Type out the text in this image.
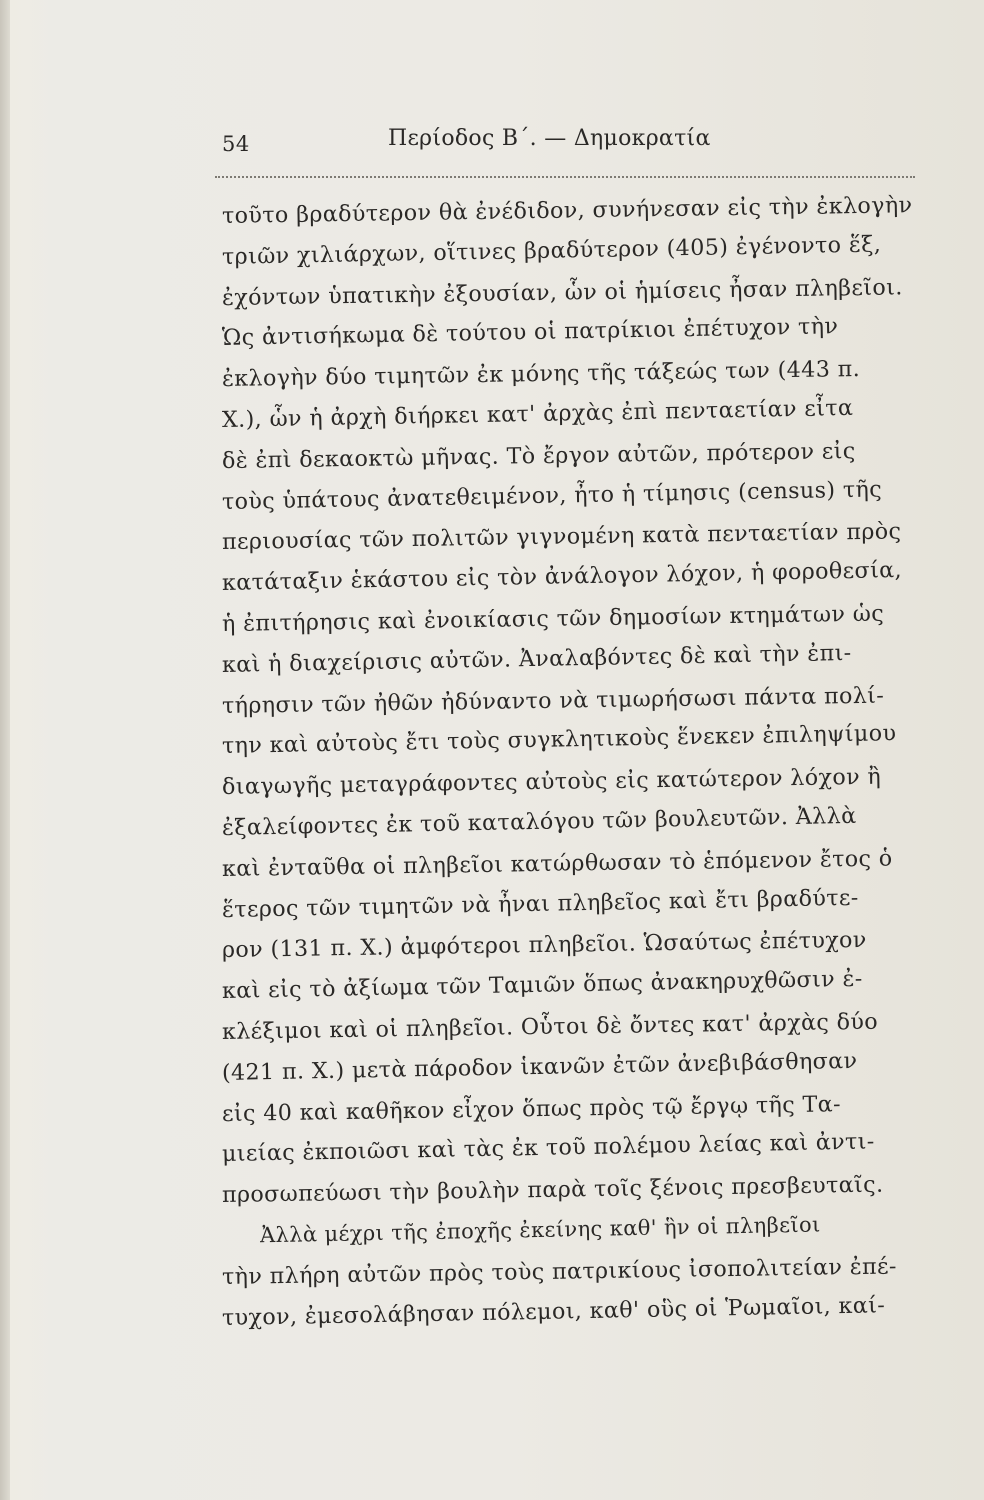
54	Περίοδος Β΄. — Δημοκρατία
τοῦτο βραδύτερον θὰ ἐνέδιδον, συνήνεσαν εἰς τὴν ἐκλογὴν
τριῶν χιλιάρχων, οἵτινες βραδύτερον (405) ἐγένοντο ἕξ,
ἐχόντων ὑπατικὴν ἐξουσίαν, ὧν οἱ ἡμίσεις ἦσαν πληβεῖοι.
Ὡς ἀντισήκωμα δὲ τούτου οἱ πατρίκιοι ἐπέτυχον τὴν
ἐκλογὴν δύο τιμητῶν ἐκ μόνης τῆς τάξεώς των (443 π.
Χ.), ὧν ἡ ἀρχὴ διήρκει κατ' ἀρχὰς ἐπὶ πενταετίαν εἶτα
δὲ ἐπὶ δεκαοκτὼ μῆνας. Τὸ ἔργον αὐτῶν, πρότερον εἰς
τοὺς ὑπάτους ἀνατεθειμένον, ἦτο ἡ τίμησις (census) τῆς
περιουσίας τῶν πολιτῶν γιγνομένη κατὰ πενταετίαν πρὸς
κατάταξιν ἑκάστου εἰς τὸν ἀνάλογον λόχον, ἡ φορoθεσία,
ἡ ἐπιτήρησις καὶ ἐνοικίασις τῶν δημοσίων κτημάτων ὡς
καὶ ἡ διαχείρισις αὐτῶν. Ἀναλαβόντες δὲ καὶ τὴν ἐπι-
τήρησιν τῶν ἠθῶν ἠδύναντο νὰ τιμωρήσωσι πάντα πολί-
την καὶ αὐτοὺς ἔτι τοὺς συγκλητικοὺς ἕνεκεν ἐπιληψίμου
διαγωγῆς μεταγράφοντες αὐτοὺς εἰς κατώτερον λόχον ἢ
ἐξαλείφοντες ἐκ τοῦ καταλόγου τῶν βουλευτῶν. Ἀλλὰ
καὶ ἐνταῦθα οἱ πληβεῖοι κατώρθωσαν τὸ ἑπόμενον ἔτος ὁ
ἕτερος τῶν τιμητῶν νὰ ἦναι πληβεῖος καὶ ἔτι βραδύτε-
ρον (131 π. Χ.) ἀμφότεροι πληβεῖοι. Ὡσαύτως ἐπέτυχον
καὶ εἰς τὸ ἀξίωμα τῶν Ταμιῶν ὅπως ἀνακηρυχθῶσιν ἐ-
κλέξιμοι καὶ οἱ πληβεῖοι. Οὗτοι δὲ ὄντες κατ' ἀρχὰς δύο
(421 π. Χ.) μετὰ πάροδον ἱκανῶν ἐτῶν ἀνεβιβάσθησαν
εἰς 40 καὶ καθῆκον εἶχον ὅπως πρὸς τῷ ἔργῳ τῆς Τα-
μιείας ἐκποιῶσι καὶ τὰς ἐκ τοῦ πολέμου λείας καὶ ἀντι-
προσωπεύωσι τὴν βουλὴν παρὰ τοῖς ξένοις πρεσβευταῖς.
Ἀλλὰ μέχρι τῆς ἐποχῆς ἐκείνης καθ' ἣν οἱ πληβεῖοι
τὴν πλήρη αὐτῶν πρὸς τοὺς πατρικίους ἰσοπολιτείαν ἐπέ-
τυχον, ἐμεσολάβησαν πόλεμοι, καθ' οὓς οἱ Ῥωμαῖοι, καί-
